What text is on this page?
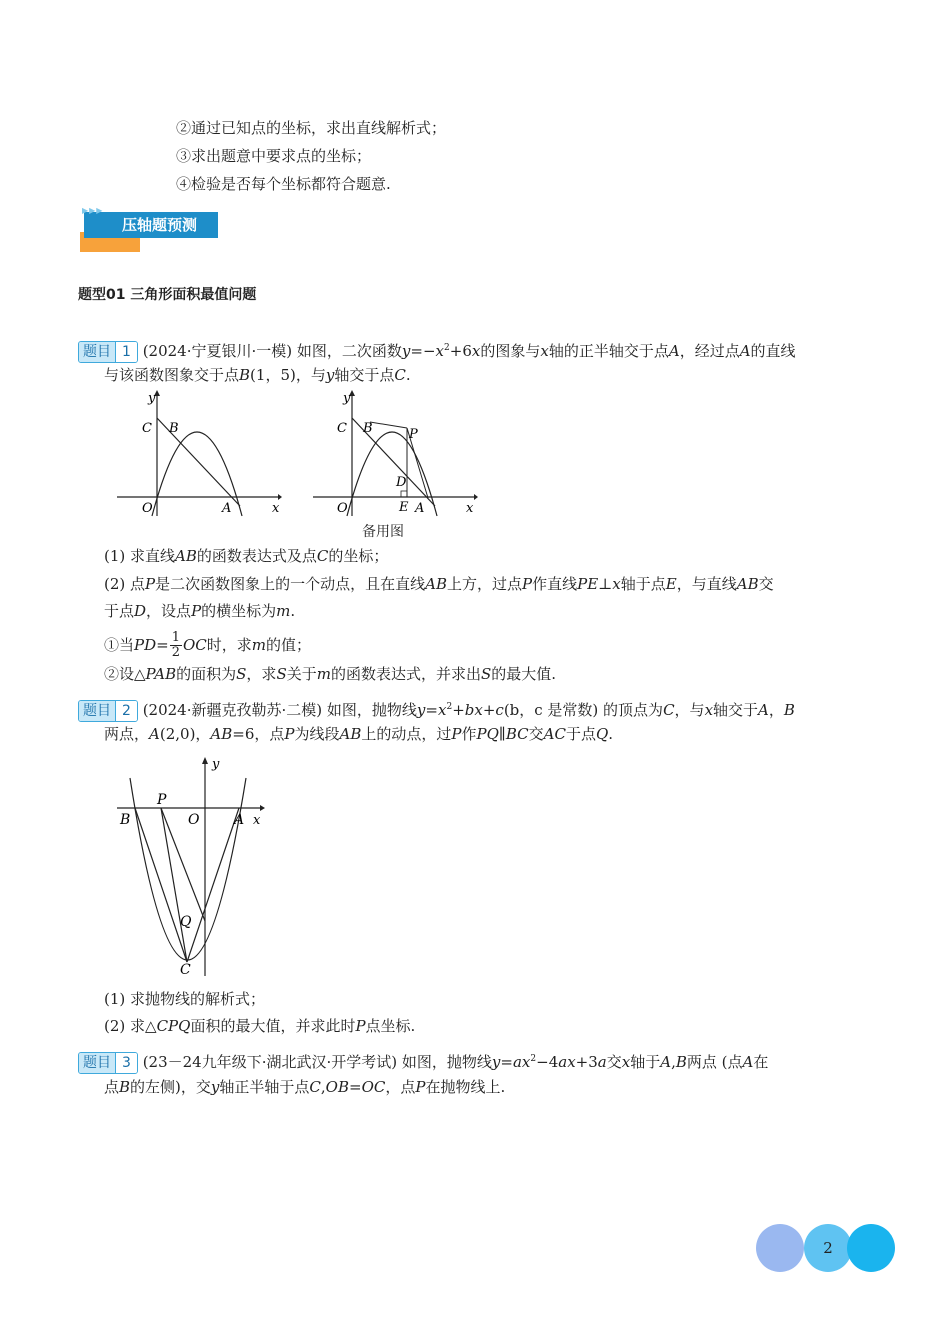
②通过已知点的坐标，求出直线解析式；
③求出题意中要求点的坐标；
④检验是否每个坐标都符合题意.
▶▶▶
压轴题预测
题型01 三角形面积最值问题
题目 1 (2024·宁夏银川·一模) 如图，二次函数$y=-x^2+6x$的图象与x轴的正半轴交于点A，经过点A的直线
与该函数图象交于点B(1，5)，与y轴交于点C.
y
x
C B
O	A
y
x
C B	P
D
E
O	A
备用图
(1) 求直线AB的函数表达式及点C的坐标；
(2) 点P是二次函数图象上的一个动点，且在直线AB上方，过点P作直线PE⊥x轴于点E，与直线AB交
于点D，设点P的横坐标为m.
①当 PD = $\frac{1}{2}$ OC 时，求 m 的值；
②设△PAB的面积为S，求S关于m的函数表达式，并求出S的最大值.
题目 2 (2024·新疆克孜勒苏·二模) 如图，抛物线$y=x^2+bx+c(b$，c 是常数) 的顶点为C，与x轴交于A，B
两点，A(2,0)，AB=6，点P为线段AB上的动点，过P作PQ∥BC交AC于点Q.
y
x
B
P
O A
Q
C
(1) 求抛物线的解析式；
(2) 求△CPQ面积的最大值，并求此时P点坐标.
题目 3 (23－24九年级下·湖北武汉·开学考试) 如图，抛物线$y=ax^2-4ax+3a$交x轴于A,B两点 (点A在
点B的左侧)，交y轴正半轴于点C,OB=OC，点P在抛物线上.
2
